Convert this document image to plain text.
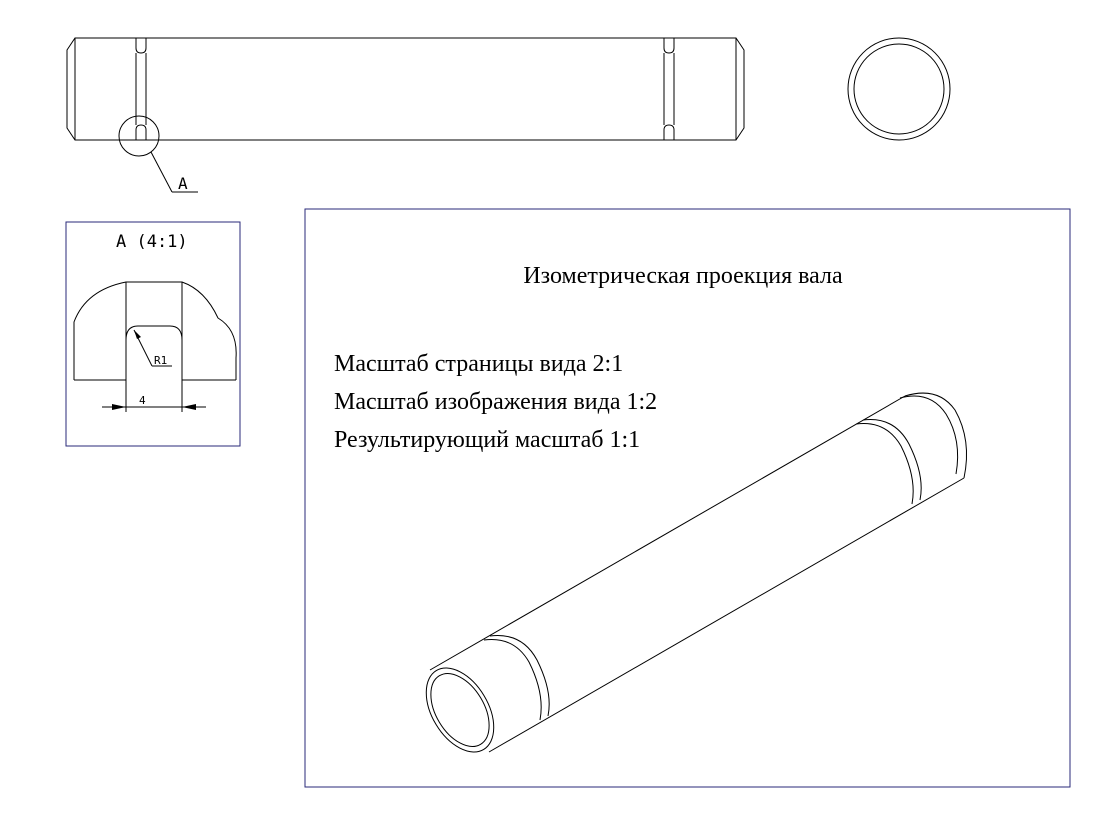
A
A (4:1)
R1
4
Изометрическая проекция вала
Масштаб страницы вида 2:1
Масштаб изображения вида 1:2
Результирующий масштаб 1:1
